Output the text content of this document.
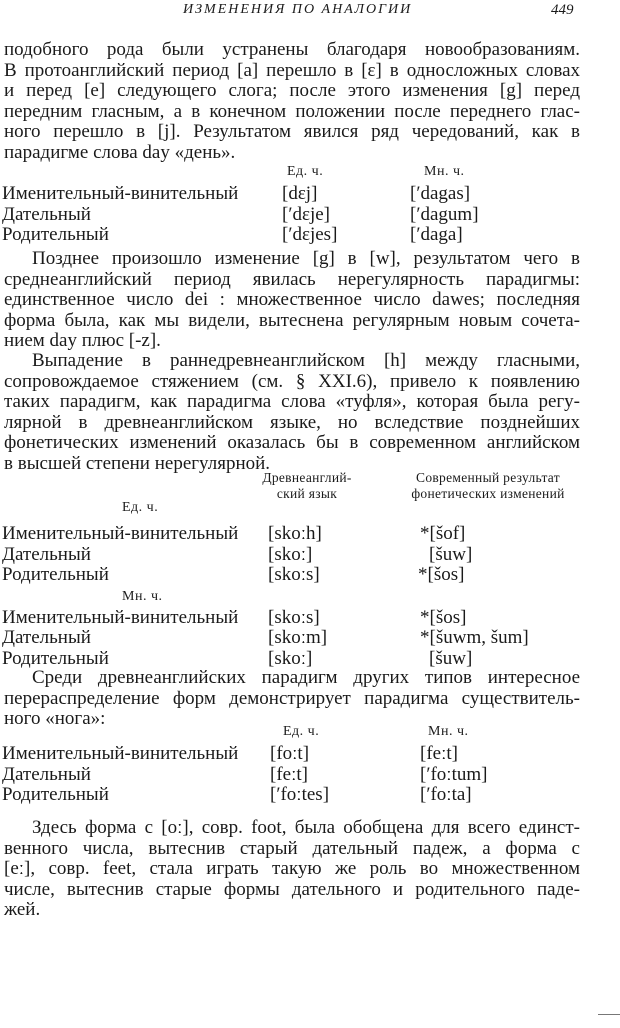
ИЗМЕНЕНИЯ ПО АНАЛОГИИ	449
подобного рода были устранены благодаря новообразованиям.
В протоанглийский период [a] перешло в [ε] в односложных словах
и перед [e] следующего слога; после этого изменения [g] перед
передним гласным, а в конечном положении после переднего глас-
ного перешло в [j]. Результатом явился ряд чередований, как в
парадигме слова day «день».
Ед. ч.	Мн. ч.
Именительный-винительный [dεj]	[ʹdagas]
Дательный	[ʹdεje]	[ʹdagum]
Родительный	[ʹdεjes]	[ʹdaga]
Позднее произошло изменение [g] в [w], результатом чего в
среднеанглийский период явилась нерегулярность парадигмы:
единственное число dei : множественное число dawes; последняя
форма была, как мы видели, вытеснена регулярным новым сочета-
нием day плюс [-z].
Выпадение в раннедревнеанглийском [h] между гласными,
сопровождаемое стяжением (см. § XXI.6), привело к появлению
таких парадигм, как парадигма слова «туфля», которая была регу-
лярной в древнеанглийском языке, но вследствие позднейших
фонетических изменений оказалась бы в современном английском
в высшей степени нерегулярной.
Древнеанглий-
ский язык
Современный результат
фонетических изменений
Ед. ч.
Именительный-винительный [skoːh]	*[šof]
Дательный	[skoː]	[šuw]
Родительный	[skoːs]	*[šos]
Мн. ч.
Именительный-винительный [skoːs]	*[šos]
Дательный	[skoːm]	*[šuwm, šum]
Родительный	[skoː]	[šuw]
Среди древнеанглийских парадигм других типов интересное
перераспределение форм демонстрирует парадигма существитель-
ного «нога»:
Ед. ч.	Мн. ч.
Именительный-винительный [foːt]	[feːt]
Дательный	[feːt]	[ʹfoːtum]
Родительный	[ʹfoːtes]	[ʹfoːta]
Здесь форма с [oː], совр. foot, была обобщена для всего единст-
венного числа, вытеснив старый дательный падеж, а форма с
[eː], совр. feet, стала играть такую же роль во множественном
числе, вытеснив старые формы дательного и родительного паде-
жей.
